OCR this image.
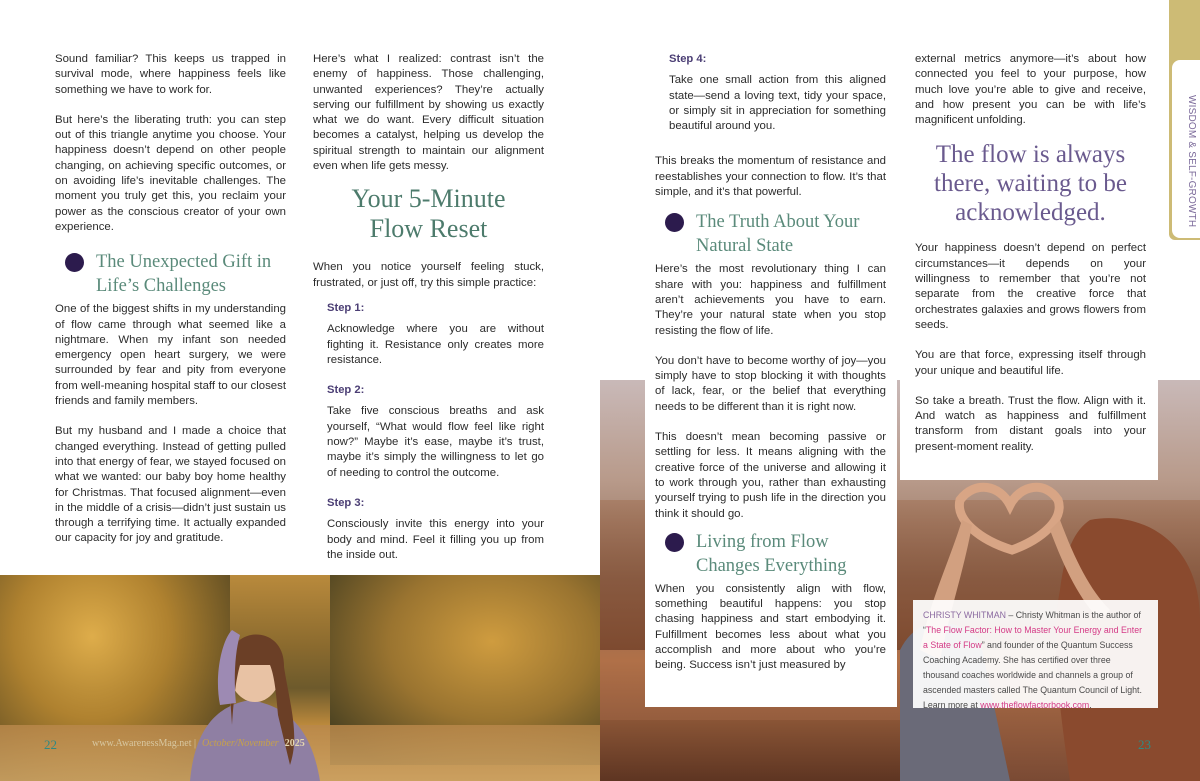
Sound familiar? This keeps us trapped in survival mode, where happiness feels like something we have to work for.

But here’s the liberating truth: you can step out of this triangle anytime you choose. Your happiness doesn’t depend on other people changing, on achieving specific outcomes, or on avoiding life’s inevitable challenges. The moment you truly get this, you reclaim your power as the conscious creator of your own experience.

The Unexpected Gift in Life’s Challenges

One of the biggest shifts in my understanding of flow came through what seemed like a nightmare. When my infant son needed emergency open heart surgery, we were surrounded by fear and pity from everyone from well-meaning hospital staff to our closest friends and family members.

But my husband and I made a choice that changed everything. Instead of getting pulled into that energy of fear, we stayed focused on what we wanted: our baby boy home healthy for Christmas. That focused alignment—even in the middle of a crisis—didn’t just sustain us through a terrifying time. It actually expanded our capacity for joy and gratitude.

Here’s what I realized: contrast isn’t the enemy of happiness. Those challenging, unwanted experiences? They’re actually serving our fulfillment by showing us exactly what we do want. Every difficult situation becomes a catalyst, helping us develop the spiritual strength to maintain our alignment even when life gets messy.

Your 5-Minute Flow Reset

When you notice yourself feeling stuck, frustrated, or just off, try this simple practice:

Step 1:

Acknowledge where you are without fighting it. Resistance only creates more resistance.

Step 2:

Take five conscious breaths and ask yourself, “What would flow feel like right now?” Maybe it’s ease, maybe it’s trust, maybe it’s simply the willingness to let go of needing to control the outcome.

Step 3:

Consciously invite this energy into your body and mind. Feel it filling you up from the inside out.

22	www.AwarenessMag.net | October/November 2025
Step 4:

Take one small action from this aligned state—send a loving text, tidy your space, or simply sit in appreciation for something beautiful around you.

This breaks the momentum of resistance and reestablishes your connection to flow. It’s that simple, and it’s that powerful.

The Truth About Your Natural State

Here’s the most revolutionary thing I can share with you: happiness and fulfillment aren’t achievements you have to earn. They’re your natural state when you stop resisting the flow of life.

You don’t have to become worthy of joy—you simply have to stop blocking it with thoughts of lack, fear, or the belief that everything needs to be different than it is right now.

This doesn’t mean becoming passive or settling for less. It means aligning with the creative force of the universe and allowing it to work through you, rather than exhausting yourself trying to push life in the direction you think it should go.

Living from Flow Changes Everything

When you consistently align with flow, something beautiful happens: you stop chasing happiness and start embodying it. Fulfillment becomes less about what you accomplish and more about who you’re being. Success isn’t just measured by

external metrics anymore—it’s about how connected you feel to your purpose, how much love you’re able to give and receive, and how present you can be with life’s magnificent unfolding.

The flow is always there, waiting to be acknowledged.

Your happiness doesn’t depend on perfect circumstances—it depends on your willingness to remember that you’re not separate from the creative force that orchestrates galaxies and grows flowers from seeds.

You are that force, expressing itself through your unique and beautiful life.

So take a breath. Trust the flow. Align with it. And watch as happiness and fulfillment transform from distant goals into your present-moment reality.

23
CHRISTY WHITMAN – Christy Whitman is the author of “The Flow Factor: How to Master Your Energy and Enter a State of Flow” and founder of the Quantum Success Coaching Academy. She has certified over three thousand coaches worldwide and channels a group of ascended masters called The Quantum Council of Light. Learn more at www.theflowfactorbook.com.
WISDOM & SELF-GROWTH
